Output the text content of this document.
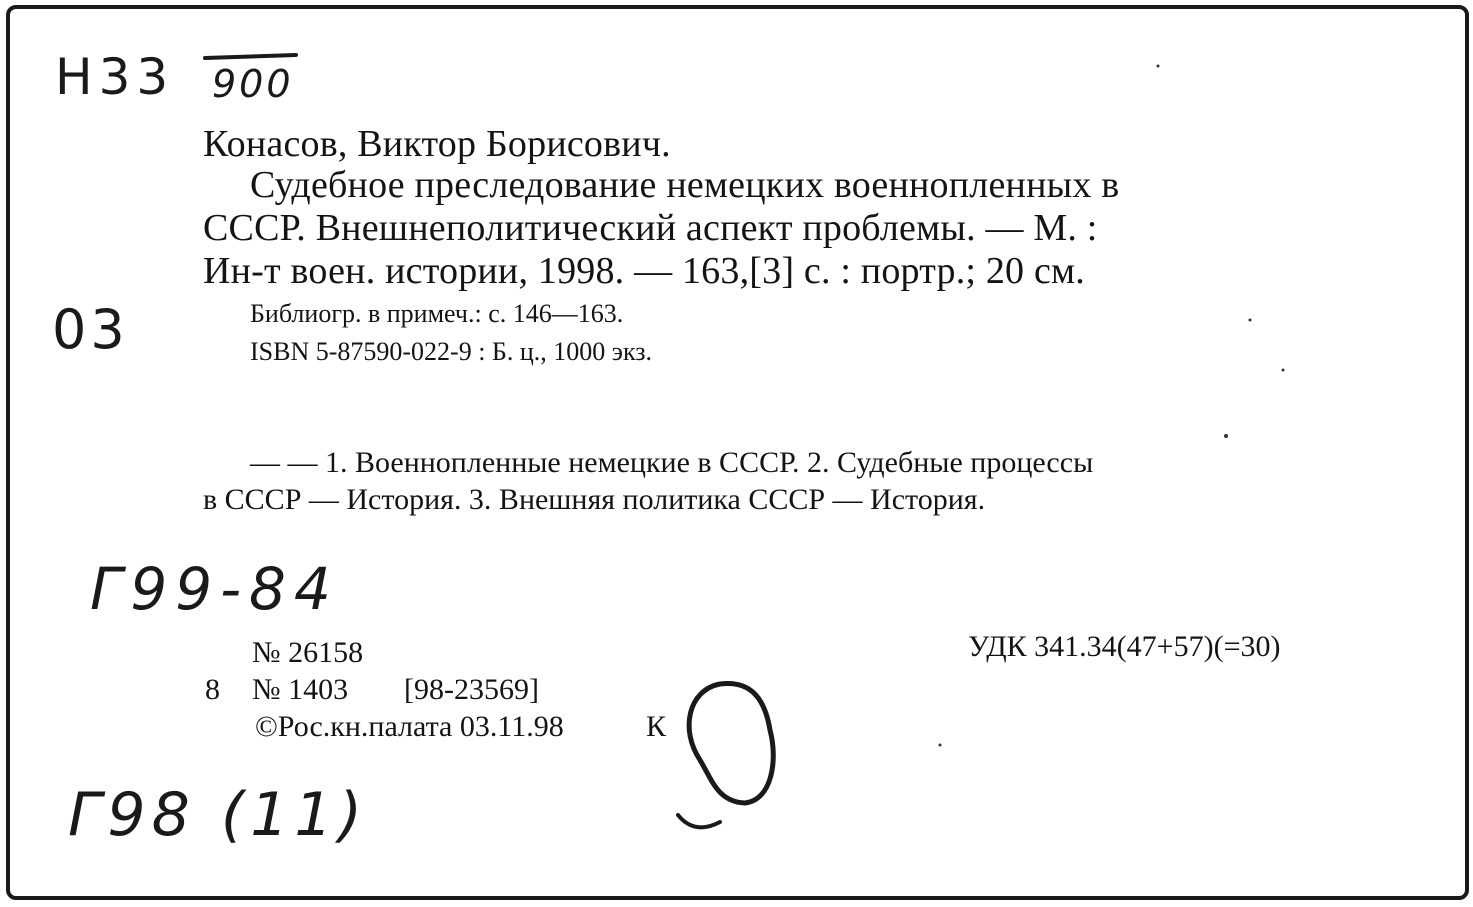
Н33 900
03
Г99-84
Г98 (11)
Конасов, Виктор Борисович.
Судебное преследование немецких военнопленных в
СССР. Внешнеполитический аспект проблемы. — М. :
Ин-т воен. истории, 1998. — 163,[3] с. : портр.; 20 см.
Библиогр. в примеч.: с. 146—163.
ISBN 5-87590-022-9 : Б. ц., 1000 экз.
— — 1. Военнопленные немецкие в СССР. 2. Судебные процессы
в СССР — История. 3. Внешняя политика СССР — История.
№ 26158	УДК 341.34(47+57)(=30)
8 № 1403 [98-23569]
©Рос.кн.палата 03.11.98	К
